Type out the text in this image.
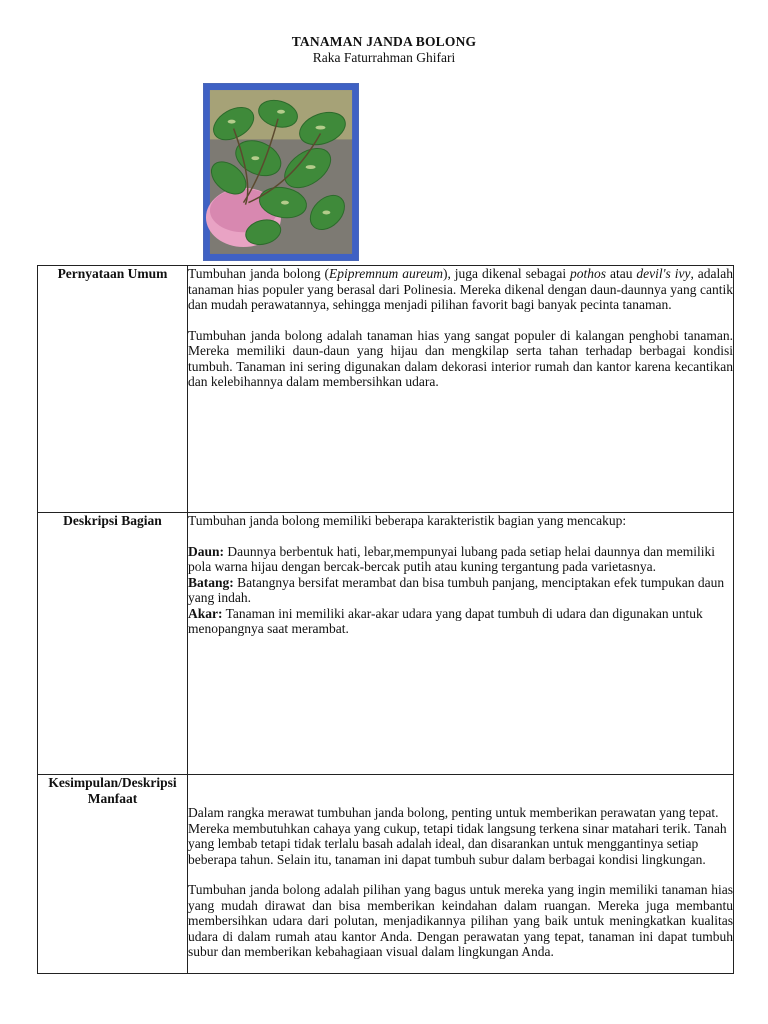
TANAMAN JANDA BOLONG
Raka Faturrahman Ghifari
Pernyataan Umum	Tumbuhan janda bolong (Epipremnum aureum), juga dikenal sebagai pothos atau devil's ivy, adalah tanaman hias populer yang berasal dari Polinesia. Mereka dikenal dengan daun-daunnya yang cantik dan mudah perawatannya, sehingga menjadi pilihan favorit bagi banyak pecinta tanaman.

Tumbuhan janda bolong adalah tanaman hias yang sangat populer di kalangan penghobi tanaman. Mereka memiliki daun-daun yang hijau dan mengkilap serta tahan terhadap berbagai kondisi tumbuh. Tanaman ini sering digunakan dalam dekorasi interior rumah dan kantor karena kecantikan dan kelebihannya dalam membersihkan udara.

Deskripsi Bagian	Tumbuhan janda bolong memiliki beberapa karakteristik bagian yang mencakup:

Daun: Daunnya berbentuk hati, lebar,mempunyai lubang pada setiap helai daunnya dan memiliki pola warna hijau dengan bercak-bercak putih atau kuning tergantung pada varietasnya.

Batang: Batangnya bersifat merambat dan bisa tumbuh panjang, menciptakan efek tumpukan daun yang indah.

Akar: Tanaman ini memiliki akar-akar udara yang dapat tumbuh di udara dan digunakan untuk menopangnya saat merambat.

Kesimpulan/Deskripsi Manfaat	Dalam rangka merawat tumbuhan janda bolong, penting untuk memberikan perawatan yang tepat. Mereka membutuhkan cahaya yang cukup, tetapi tidak langsung terkena sinar matahari terik. Tanah yang lembab tetapi tidak terlalu basah adalah ideal, dan disarankan untuk menggantinya setiap beberapa tahun. Selain itu, tanaman ini dapat tumbuh subur dalam berbagai kondisi lingkungan.

Tumbuhan janda bolong adalah pilihan yang bagus untuk mereka yang ingin memiliki tanaman hias yang mudah dirawat dan bisa memberikan keindahan dalam ruangan. Mereka juga membantu membersihkan udara dari polutan, menjadikannya pilihan yang baik untuk meningkatkan kualitas udara di dalam rumah atau kantor Anda. Dengan perawatan yang tepat, tanaman ini dapat tumbuh subur dan memberikan kebahagiaan visual dalam lingkungan Anda.
